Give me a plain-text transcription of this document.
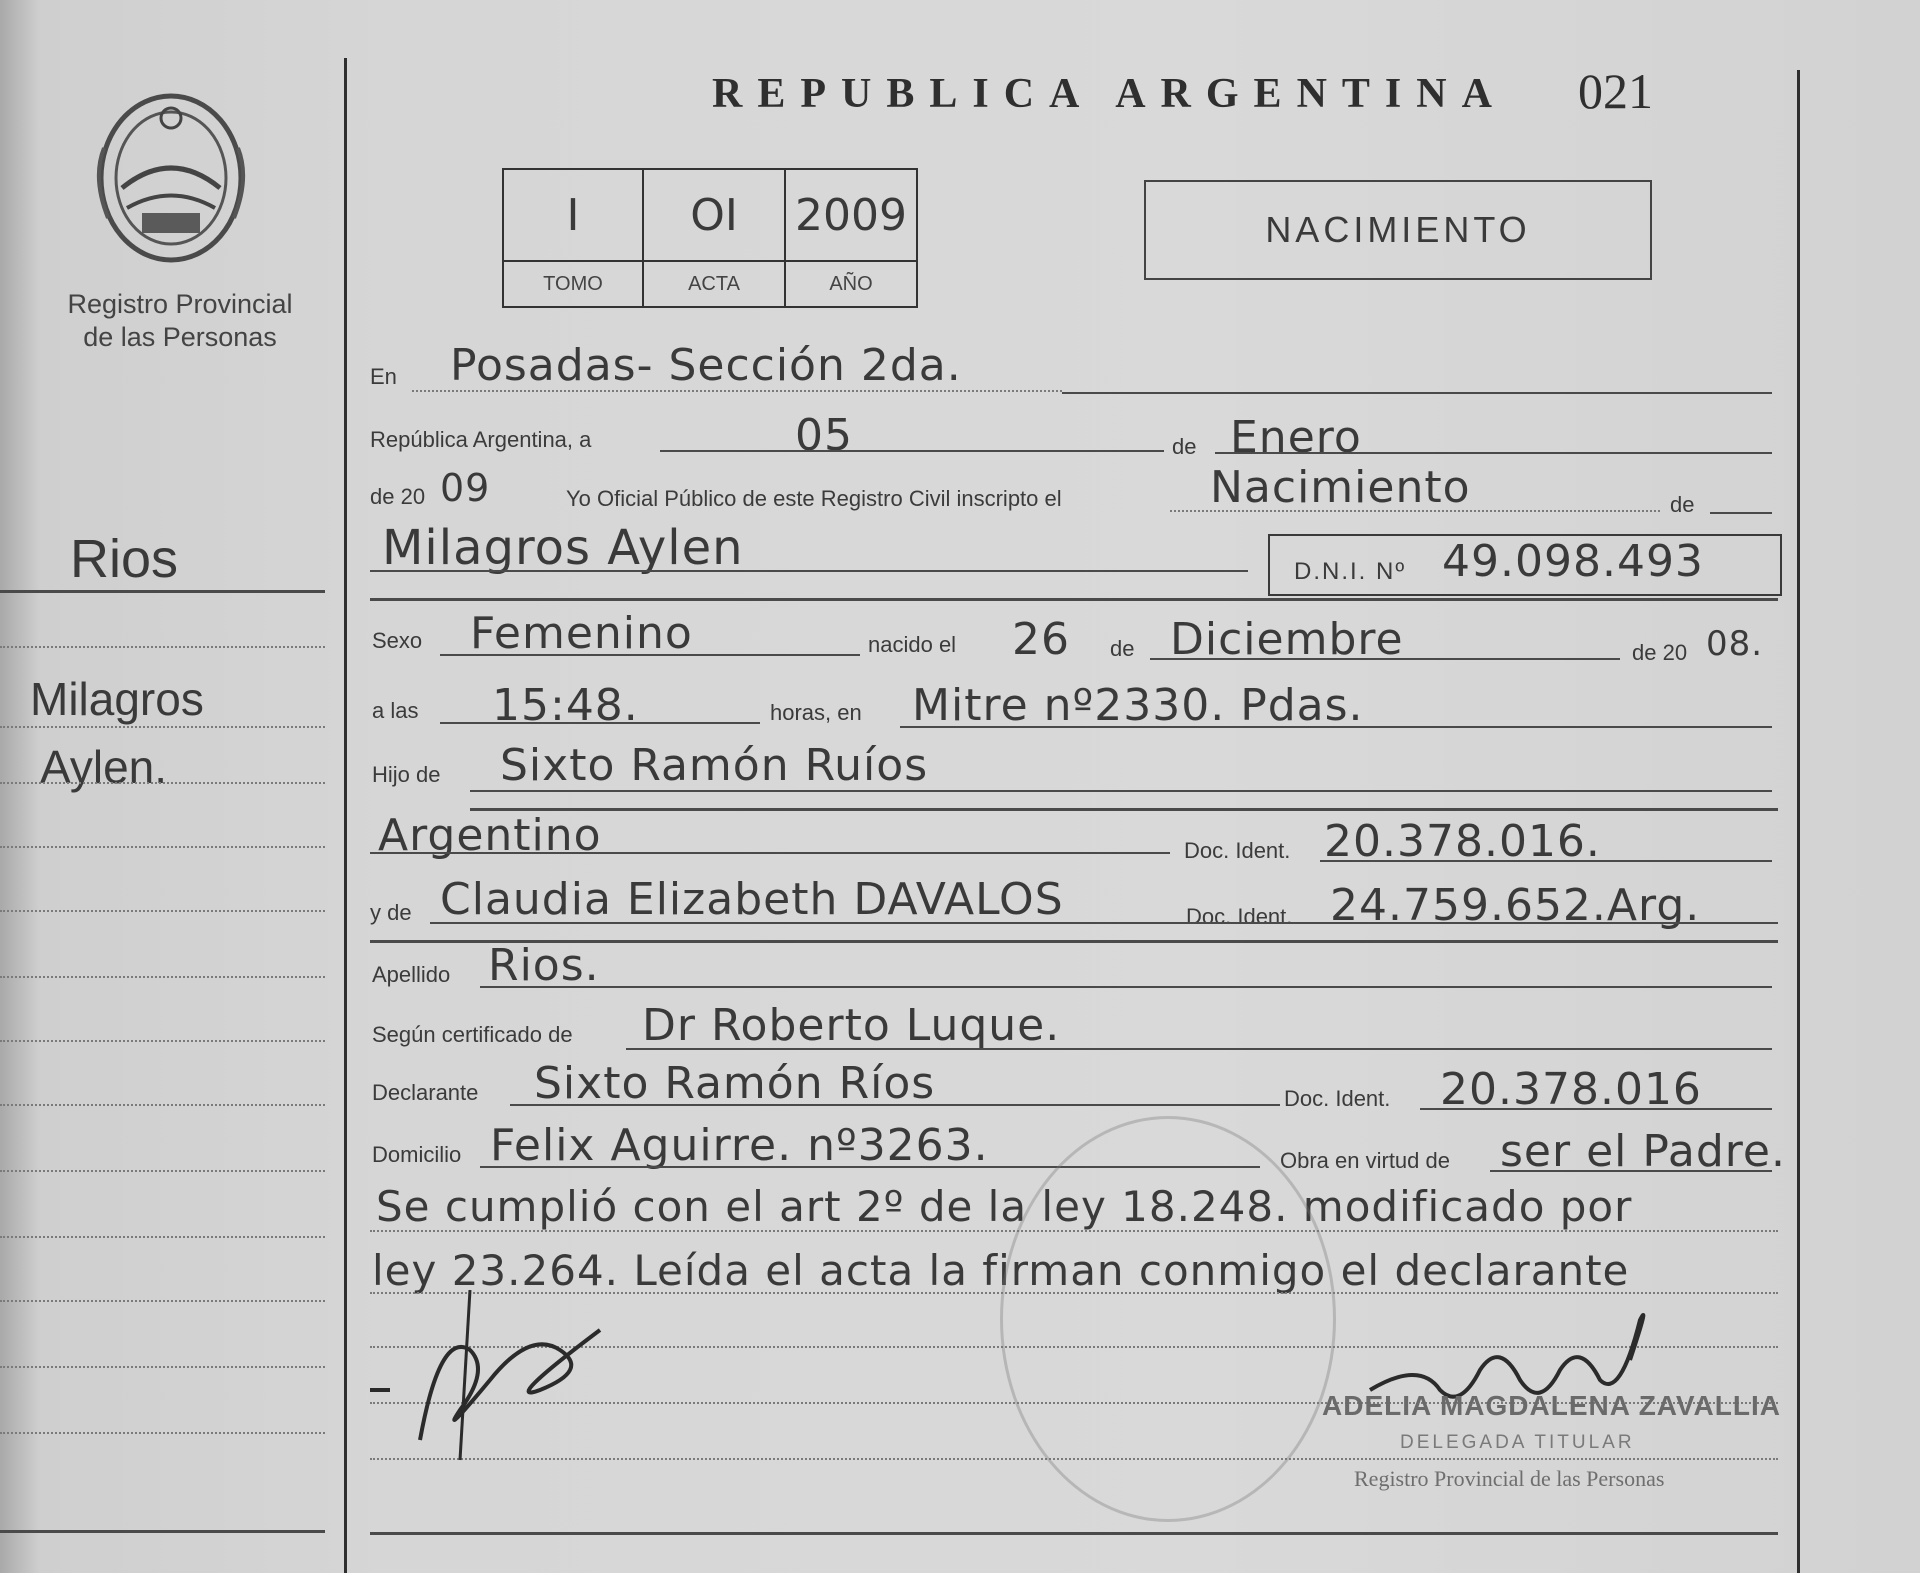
Registro Provincial
de las Personas
Rios
Milagros
Aylen.
REPUBLICA ARGENTINA 021
I	OI	2009
TOMO	ACTA	AÑO
NACIMIENTO
En Posadas- Sección 2da.
República Argentina, a	05	de Enero
de 20 09	Yo Oficial Público de este Registro Civil inscripto el	Nacimiento	de
Milagros Aylen	D.N.I. Nº 49.098.493
Sexo Femenino	nacido el 26 de Diciembre	de 20 08.
a las 15:48.	horas, en Mitre nº2330. Pdas.
Hijo de Sixto Ramón Ruíos
Argentino	Doc. Ident. 20.378.016.
y de Claudia Elizabeth DAVALOS	Doc. Ident. 24.759.652.Arg.
Apellido Rios.
Según certificado de Dr Roberto Luque.
Declarante Sixto Ramón Ríos	Doc. Ident. 20.378.016
Domicilio Felix Aguirre. nº3263.	Obra en virtud de ser el Padre.
Se cumplió con el art 2º de la ley 18.248. modificado por
ley 23.264. Leída el acta la firman conmigo el declarante
ADELIA MAGDALENA ZAVALLIA
DELEGADA TITULAR
Registro Provincial de las Personas
